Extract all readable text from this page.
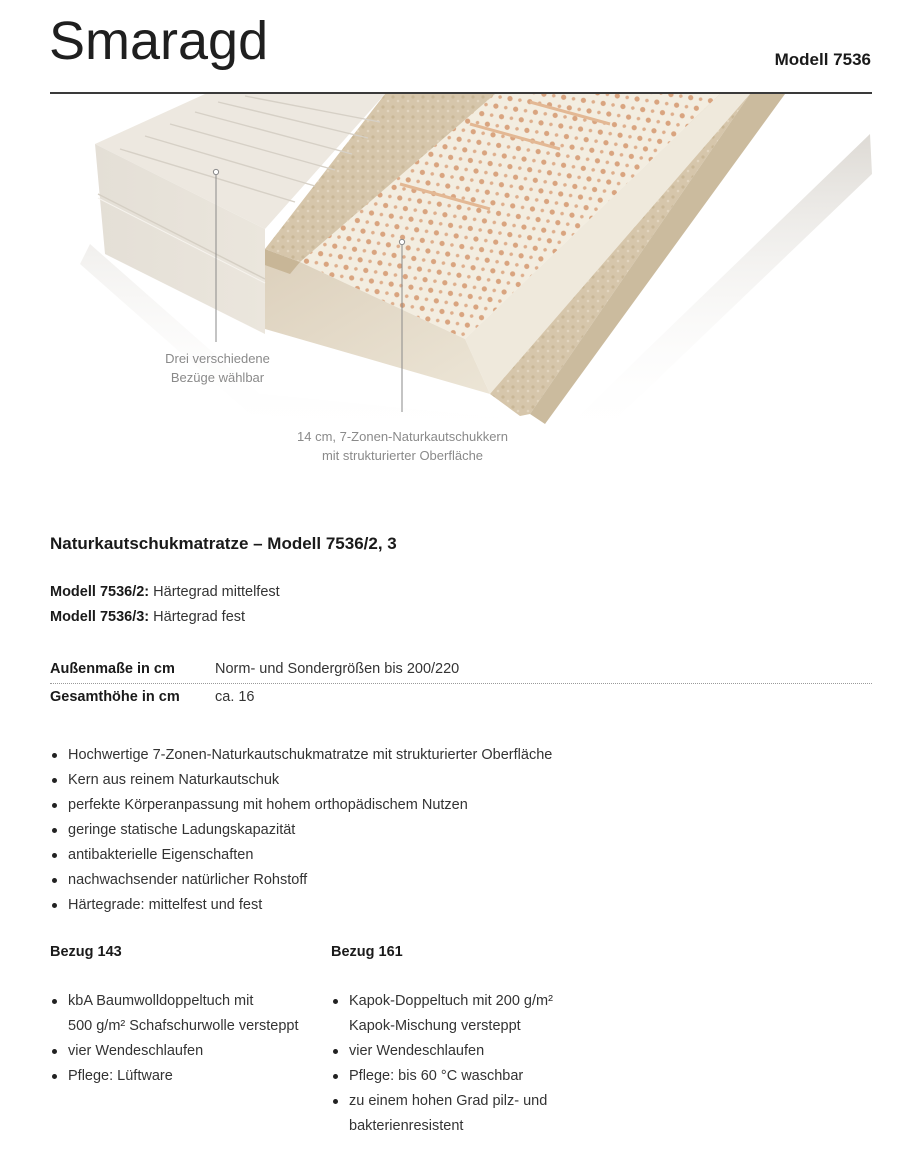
Smaragd	Modell 7536
Drei verschiedene
Bezüge wählbar
14 cm, 7-Zonen-Naturkautschukkern
mit strukturierter Oberfläche
Naturkautschukmatratze – Modell 7536/2, 3
Modell 7536/2: Härtegrad mittelfest
Modell 7536/3: Härtegrad fest
Außenmaße in cm	Norm- und Sondergrößen bis 200/220
Gesamthöhe in cm ca. 16
Hochwertige 7-Zonen-Naturkautschukmatratze mit strukturierter Oberfläche
Kern aus reinem Naturkautschuk
perfekte Körperanpassung mit hohem orthopädischem Nutzen
geringe statische Ladungskapazität
antibakterielle Eigenschaften
nachwachsender natürlicher Rohstoff
Härtegrade: mittelfest und fest
Bezug 143
kbA Baumwolldoppeltuch mit
500 g/m² Schafschurwolle versteppt
vier Wendeschlaufen
Pflege: Lüftware
Bezug 161
Kapok-Doppeltuch mit 200 g/m²
Kapok-Mischung versteppt
vier Wendeschlaufen
Pflege: bis 60 °C waschbar
zu einem hohen Grad pilz- und
bakterienresistent
